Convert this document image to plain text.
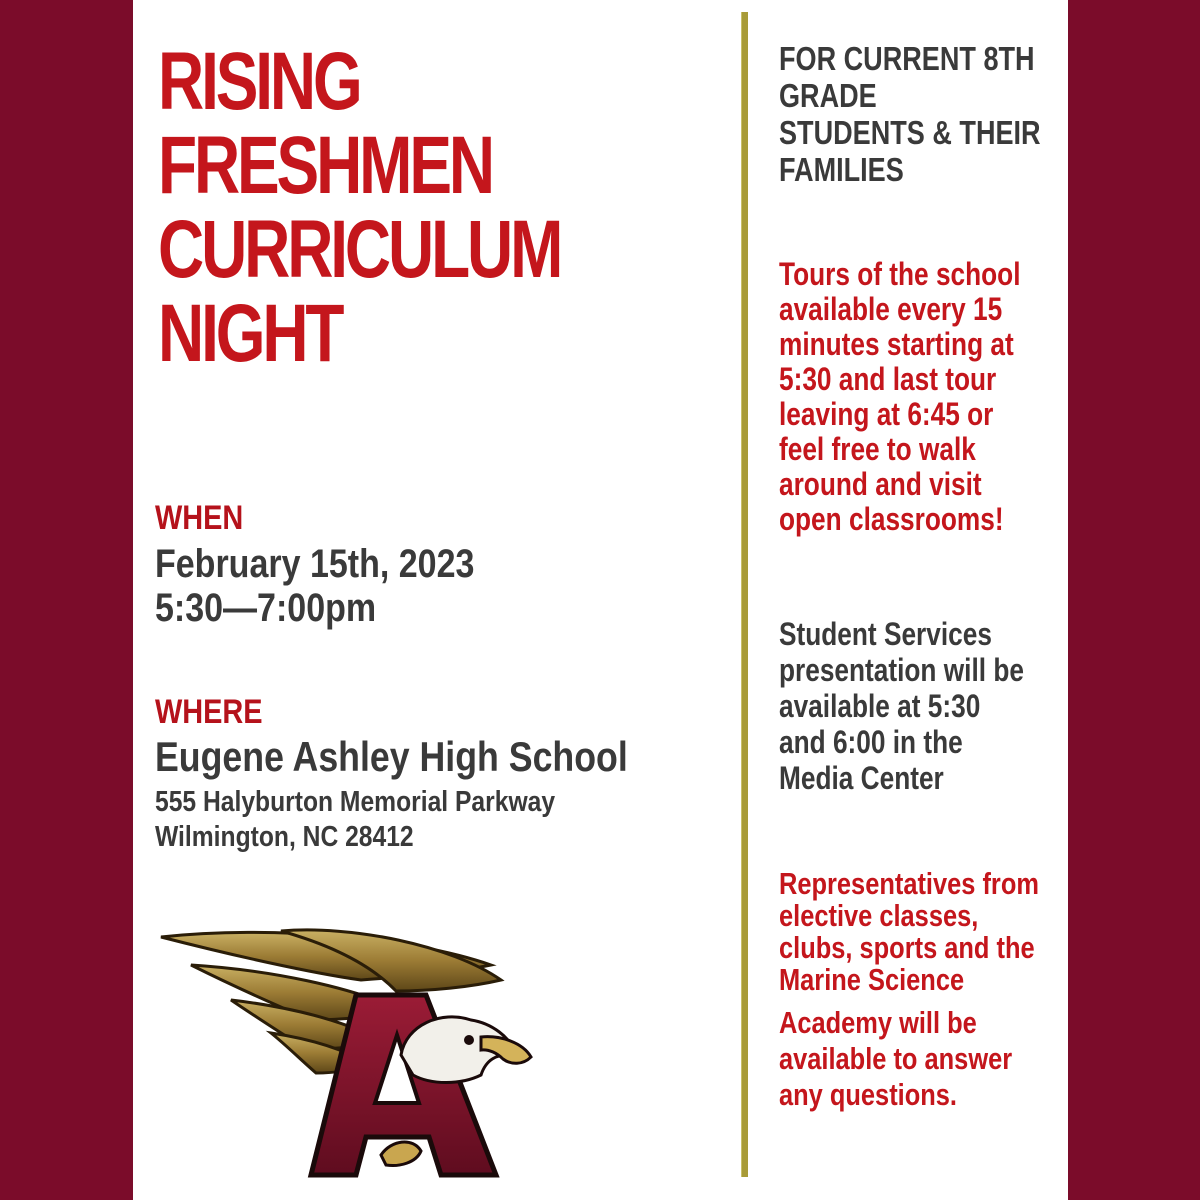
RISING
FRESHMEN
CURRICULUM
NIGHT

WHEN

February 15th, 2023

5:30—7:00pm

WHERE

Eugene Ashley High School

555 Halyburton Memorial Parkway

Wilmington, NC 28412

FOR CURRENT 8TH
GRADE
STUDENTS & THEIR
FAMILIES

Tours of the school
available every 15
minutes starting at
5:30 and last tour
leaving at 6:45 or
feel free to walk
around and visit
open classrooms!

Student Services
presentation will be
available at 5:30
and 6:00 in the
Media Center

Representatives from
elective classes,
clubs, sports and the
Marine Science

Academy will be
available to answer
any questions.
